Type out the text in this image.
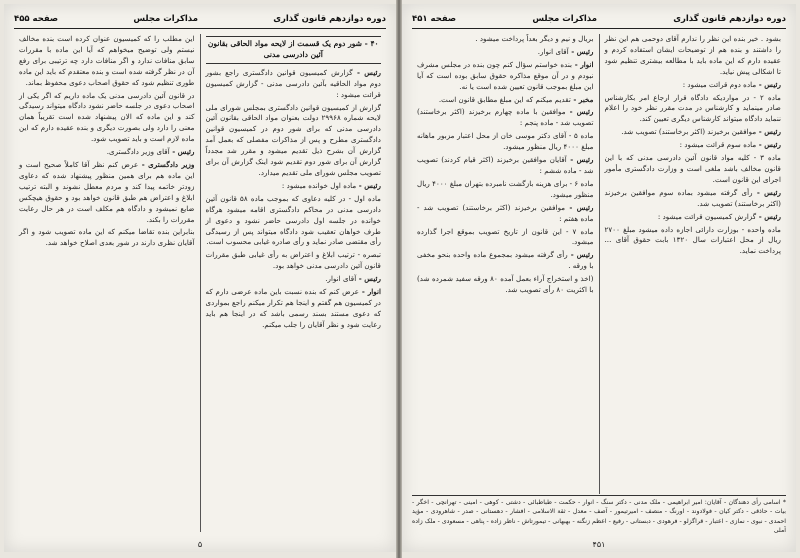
دوره دوازدهم قانون گذاری
مذاکرات مجلس
صفحه ۴۵۵
۴۰ - شور دوم یک قسمت از لایحه مواد الحاقی بقانون آئین دادرسی مدنی

رئیس - گزارش کمیسیون قوانین دادگستری راجع بشور دوم مواد الحاقیه بآئین دادرسی مدنی - گزارش کمیسیون قرائت میشود :

گزارش از کمیسیون قوانین دادگستری بمجلس شورای ملی لایحه شماره ۲۹۹۶۸ دولت بعنوان مواد الحاقی بقانون آئین دادرسی مدنی که برای شور دوم در کمیسیون قوانین دادگستری مطرح و پس از مذاکرات مفصلی که بعمل آمد گزارش آن بشرح ذیل تقدیم میشود و مقرر شد مجدداً گزارش آن برای شور دوم تقدیم شود اینک گزارش آن برای تصویب مجلس شورای ملی تقدیم میدارد.

رئیس - ماده اول خوانده میشود :

ماده اول - در کلیه دعاوی که بموجب ماده ۵۸ قانون آئین دادرسی مدنی در محاکم دادگستری اقامه میشود هرگاه خوانده در جلسه اول دادرسی حاضر نشود و دعوی از طرف خواهان تعقیب شود دادگاه میتواند پس از رسیدگی رأی مقتضی صادر نماید و رأی صادره غیابی محسوب است.

تبصره - ترتیب ابلاغ و اعتراض به رأی غیابی طبق مقررات قانون آئین دادرسی مدنی خواهد بود.

رئیس - آقای انوار.

انوار - عرض کنم که بنده نسبت باین ماده عرضی دارم که در کمیسیون هم گفتم و اینجا هم تکرار میکنم راجع بمواردی که دعوی مستند بسند رسمی باشد که در اینجا هم باید رعایت شود و نظر آقایان را جلب میکنم.

این مطلب را که کمیسیون عنوان کرده است بنده مخالف نیستم ولی توضیح میخواهم که آیا این ماده با مقررات سابق منافات ندارد و اگر منافات دارد چه ترتیبی برای رفع آن در نظر گرفته شده است و بنده معتقدم که باید این ماده طوری تنظیم شود که حقوق اصحاب دعوی محفوظ بماند.

در قانون آئین دادرسی مدنی یک ماده داریم که اگر یکی از اصحاب دعوی در جلسه حاضر نشود دادگاه میتواند رسیدگی کند و این ماده که الان پیشنهاد شده است تقریباً همان معنی را دارد ولی بصورت دیگری و بنده عقیده دارم که این ماده لازم است و باید تصویب شود.

رئیس - آقای وزیر دادگستری.

وزیر دادگستری - عرض کنم نظر آقا کاملاً صحیح است و این ماده هم برای همین منظور پیشنهاد شده که دعاوی زودتر خاتمه پیدا کند و مردم معطل نشوند و البته ترتیب ابلاغ و اعتراض هم طبق قانون خواهد بود و حقوق هیچکس ضایع نمیشود و دادگاه هم مکلف است در هر حال رعایت مقررات را بکند.

بنابراین بنده تقاضا میکنم که این ماده تصویب شود و اگر آقایان نظری دارند در شور بعدی اصلاح خواهد شد.

۵
دوره دوازدهم قانون گذاری
مذاکرات مجلس
صفحه ۴۵۱

بشود . خیر بنده این نظر را ندارم آقای دوحمی هم این نظر را داشتند و بنده هم از توضیحات ایشان استفاده کردم و عقیده دارم که این ماده باید با مطالعه بیشتری تنظیم شود تا اشکالی پیش نیاید.

رئیس - ماده دوم قرائت میشود :

ماده ۲ - در مواردیکه دادگاه قرار ارجاع امر بکارشناس صادر مینماید و کارشناس در مدت مقرر نظر خود را اعلام ننماید دادگاه میتواند کارشناس دیگری تعیین کند.

رئیس - موافقین برخیزند (اکثر برخاستند) تصویب شد.

رئیس - ماده سوم قرائت میشود :

ماده ۳ - کلیه مواد قانون آئین دادرسی مدنی که با این قانون مخالف باشد ملغی است و وزارت دادگستری مأمور اجرای این قانون است.

رئیس - رأی گرفته میشود بماده سوم موافقین برخیزند (اکثر برخاستند) تصویب شد.

رئیس - گزارش کمیسیون قرائت میشود :

ماده واحده - بوزارت دارائی اجازه داده میشود مبلغ ۲۷۰۰ ریال از محل اعتبارات سال ۱۳۲۰ بابت حقوق آقای ... پرداخت نماید.

بریال و نیم و دیگر بعداً پرداخت میشود .

رئیس - آقای انوار.

انوار - بنده خواستم سؤال کنم چون بنده در مجلس مشرف نبودم و در آن موقع مذاکره حقوق سابق بوده است که آیا این مبلغ بموجب قانون تعیین شده است یا نه.

مخبر - تقدیم میکنم که این مبلغ مطابق قانون است.

رئیس - موافقین با ماده چهارم برخیزند (اکثر برخاستند) تصویب شد - ماده پنجم :

ماده ۵ - آقای دکتر موسی خان از محل اعتبار مزبور ماهانه مبلغ ۴۰۰۰ ریال منظور میشود.

رئیس - آقایان موافقین برخیزند (اکثر قیام کردند) تصویب شد - ماده ششم :

ماده ۶ - برای هزینه بازگشت نامبرده بتهران مبلغ ۴۰۰۰ ریال منظور میشود.

رئیس - موافقین برخیزند (اکثر برخاستند) تصویب شد - ماده هفتم :

ماده ۷ - این قانون از تاریخ تصویب بموقع اجرا گذارده میشود.

رئیس - رأی گرفته میشود بمجموع ماده واحده بنحو مخفی با ورقه .

(اخذ و استخراج آراء بعمل آمده ۸۰ ورقه سفید شمرده شد) با اکثریت ۸۰ رأی تصویب شد.

* اسامی رأی دهندگان - آقایان: امیر ابراهیمی - ملک مدنی - دکتر سنگ - انوار - حکمت - طباطبائی - دشتی - کوهی - امینی - تهرانچی - اخگر - بیات - حاذقی - دکتر کیان - فولادوند - اورنگ - منصف - امیرتیمور - آصف - معدل - ثقة الاسلامی - افشار - دهستانی - صدر - شاهرودی - مؤید احمدی - نبوی - نمازی - اعتبار - قراگزلو - فرهودی - دبستانی - رفیع - اعظم زنگنه - بهبهانی - تیمورتاش - ناظر زاده - پناهی - مسعودی - ملک زاده آملی
۴۵۱
